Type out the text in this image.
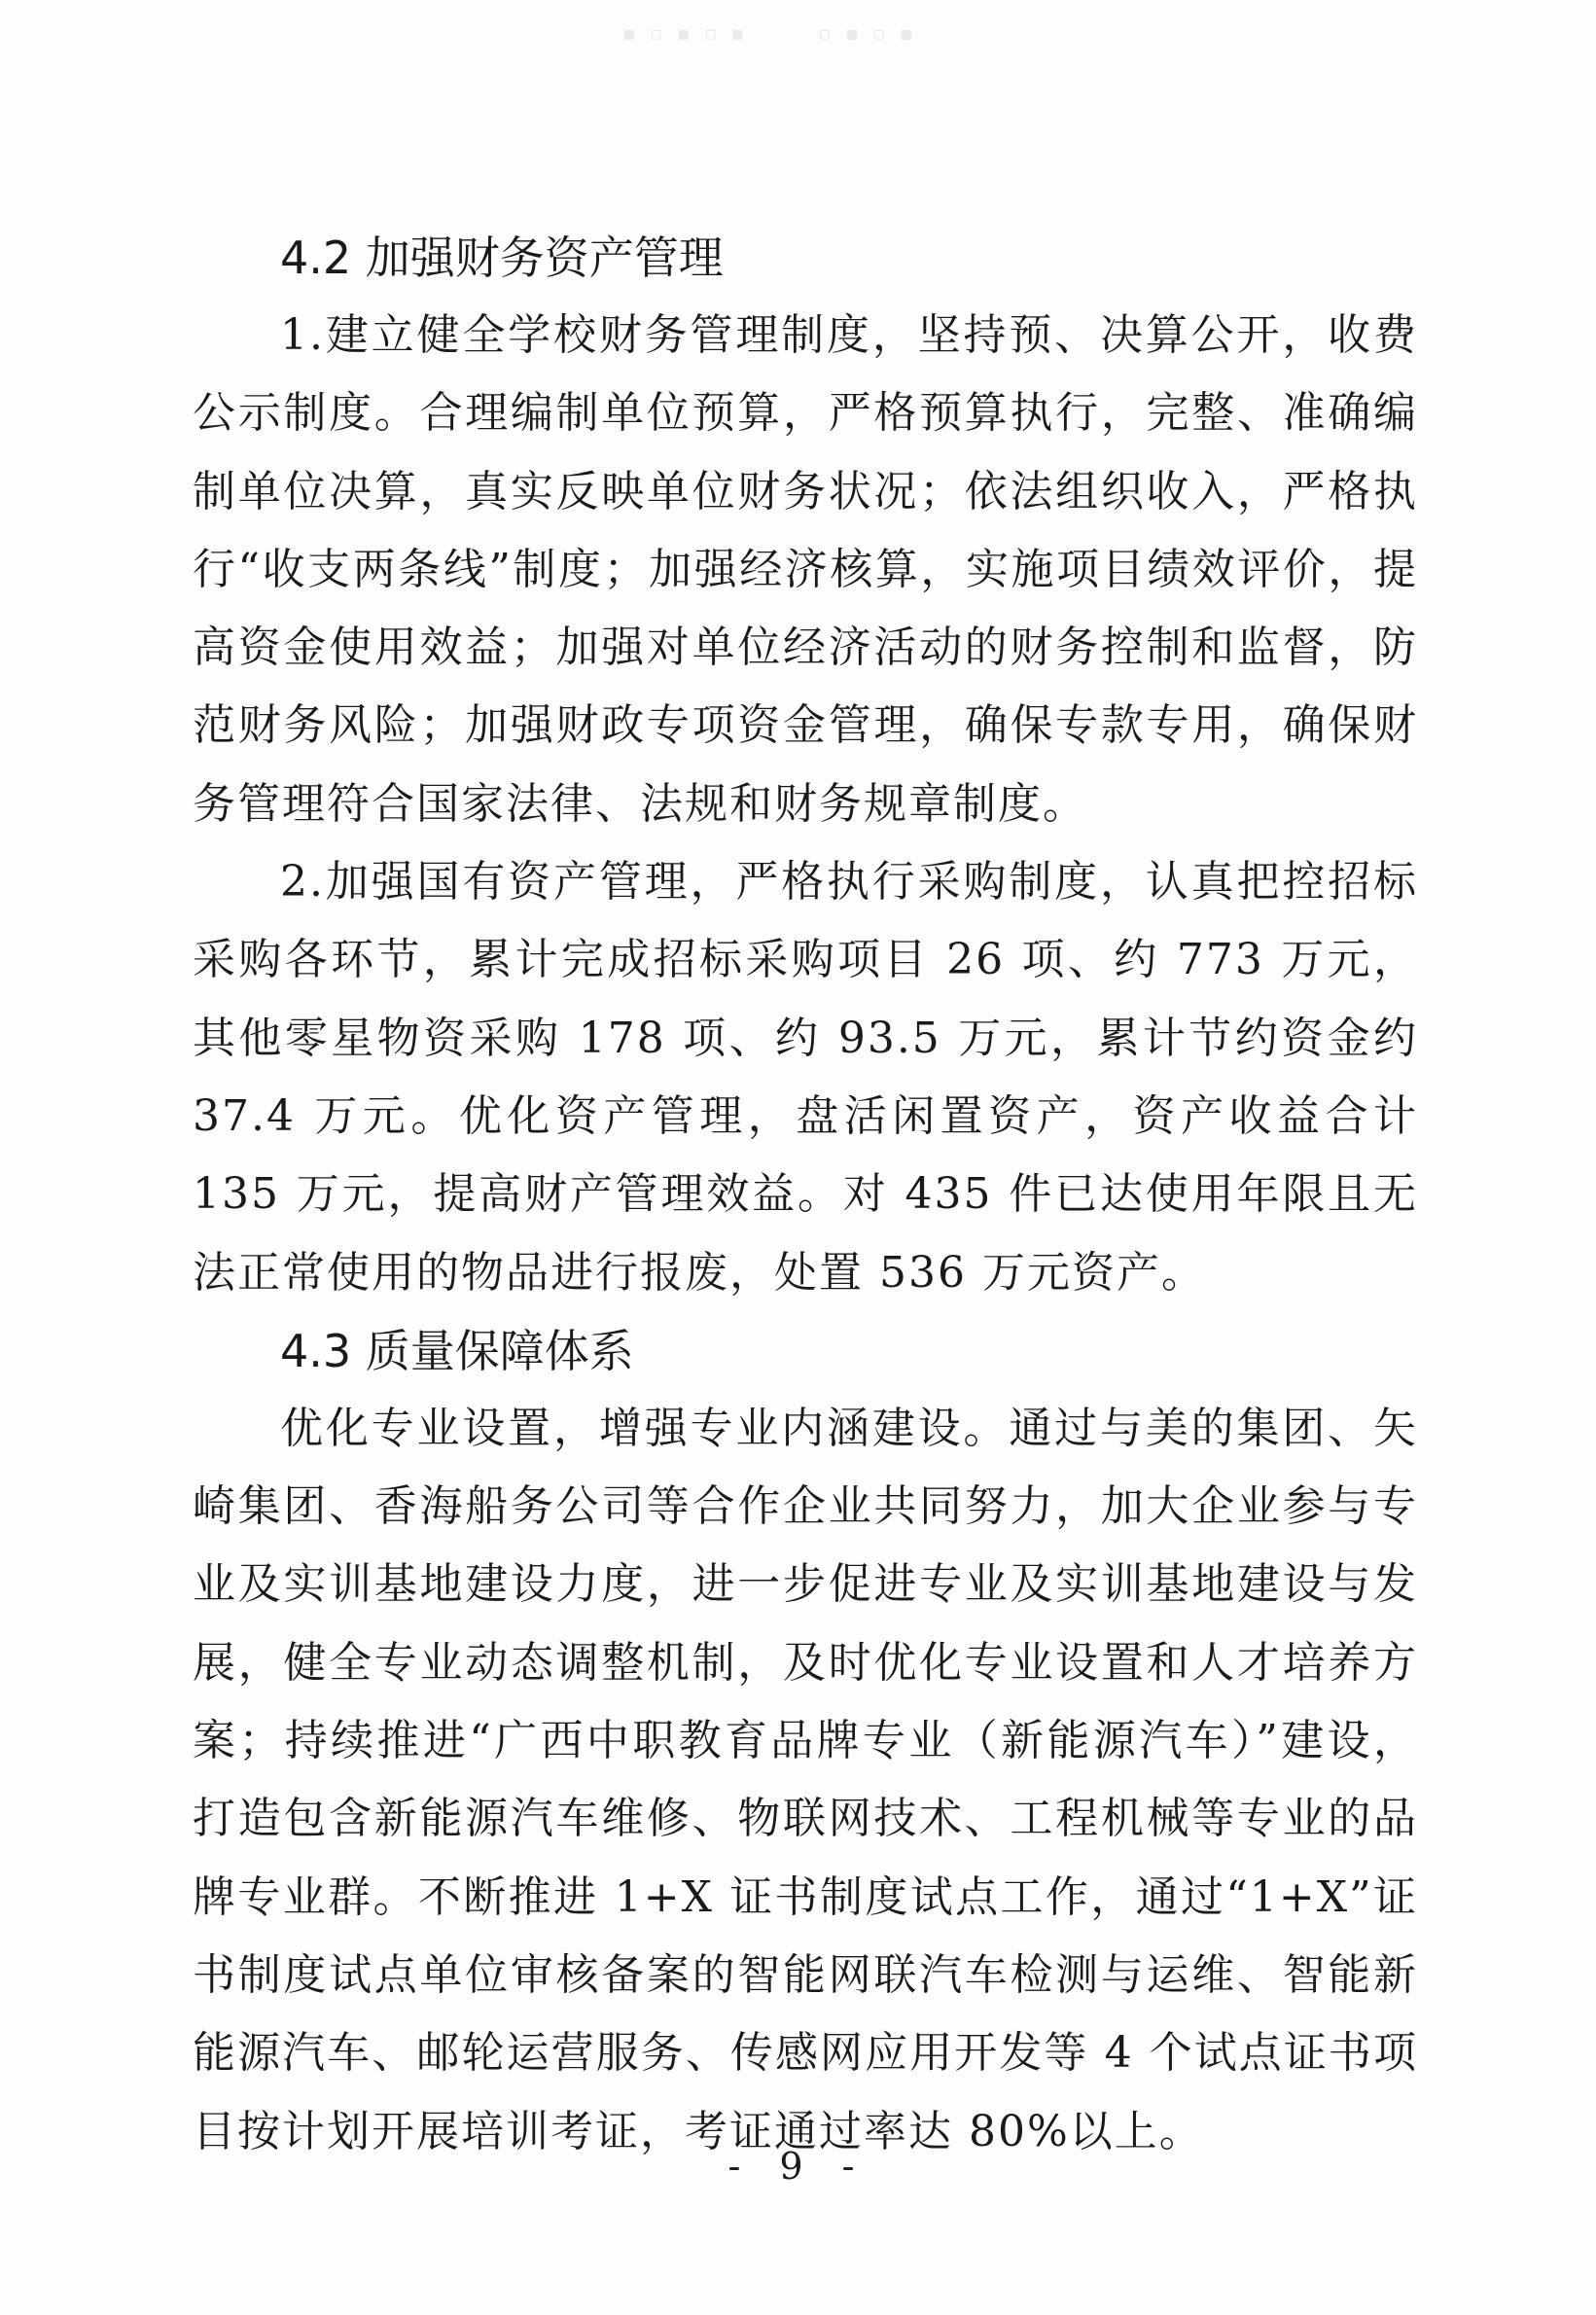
▪ ▫ ▪ ▫ ▪　　　▫ ▪ ▫ ▪
4.2 加强财务资产管理

1.建立健全学校财务管理制度，坚持预、决算公开，收费公示制度。合理编制单位预算，严格预算执行，完整、准确编制单位决算，真实反映单位财务状况；依法组织收入，严格执行“收支两条线”制度；加强经济核算，实施项目绩效评价，提高资金使用效益；加强对单位经济活动的财务控制和监督，防范财务风险；加强财政专项资金管理，确保专款专用，确保财务管理符合国家法律、法规和财务规章制度。

2.加强国有资产管理，严格执行采购制度，认真把控招标采购各环节，累计完成招标采购项目 26 项、约 773 万元，其他零星物资采购 178 项、约 93.5 万元，累计节约资金约 37.4 万元。优化资产管理，盘活闲置资产，资产收益合计 135 万元，提高财产管理效益。对 435 件已达使用年限且无法正常使用的物品进行报废，处置 536 万元资产。

4.3 质量保障体系

优化专业设置，增强专业内涵建设。通过与美的集团、矢崎集团、香海船务公司等合作企业共同努力，加大企业参与专业及实训基地建设力度，进一步促进专业及实训基地建设与发展，健全专业动态调整机制，及时优化专业设置和人才培养方案；持续推进“广西中职教育品牌专业（新能源汽车）”建设，打造包含新能源汽车维修、物联网技术、工程机械等专业的品牌专业群。不断推进 1+X 证书制度试点工作，通过“1+X”证书制度试点单位审核备案的智能网联汽车检测与运维、智能新能源汽车、邮轮运营服务、传感网应用开发等 4 个试点证书项目按计划开展培训考证，考证通过率达 80%以上。

- 9 -
